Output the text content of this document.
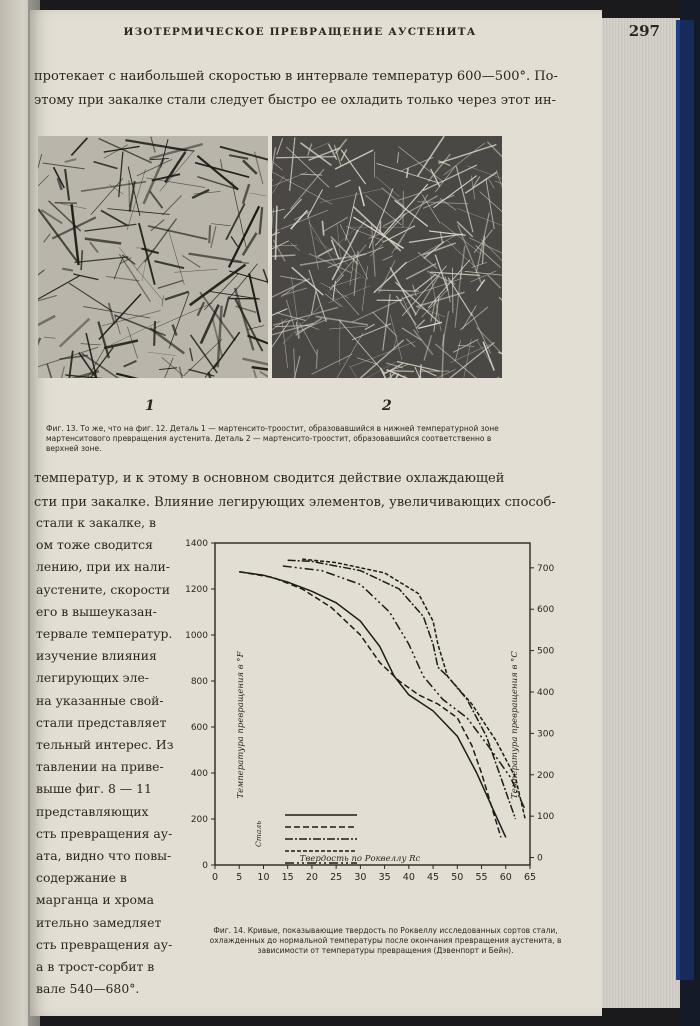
ИЗОТЕРМИЧЕСКОЕ ПРЕВРАЩЕНИЕ АУСТЕНИТА	297
протекает с наибольшей скоростью в интервале температур 600—500°. По-
этому при закалке стали следует быстро ее охладить только через этот ин-
1	2
Фиг. 13. То же, что на фиг. 12. Деталь 1 — мартенсито-троостит, образовавшийся в нижней температурной зоне мартенситового превращения аустенита. Деталь 2 — мартенсито-троостит, образовавшийся соответственно в верхней зоне.
температур, и к этому в основном сводится действие охлаждающей
сти при закалке. Влияние легирующих элементов, увеличивающих способ-
стали к закалке, в
ом тоже сводится
лению, при их нали-
аустените, скорости
его в вышеуказан-
тервале температур.
изучение влияния
легирующих эле-
на указанные свой-
стали представляет
тельный интерес. Из
тавлении на приве-
выше фиг. 8 — 11
представляющих
сть превращения ау-
ата, видно что повы-
содержание в
марганца и хрома
ительно замедляет
сть превращения ау-
а в трост-сорбит в
вале 540—680°.
0 5 10 15 20 25 30 35 40 45 50 55 60 65
0
200
400
600
800
1000
1200
1400
0
100
200
300
400
500
600
700
Твердость по Роквеллу Rc
Температура превращения в °F	Температура превращения в °C
Сталь
Фиг. 14. Кривые, показывающие твердость по Роквеллу исследованных сортов стали, охлажденных до нормальной температуры после окончания превращения аустенита, в зависимости от температуры превращения (Дэвенпорт и Бейн).
